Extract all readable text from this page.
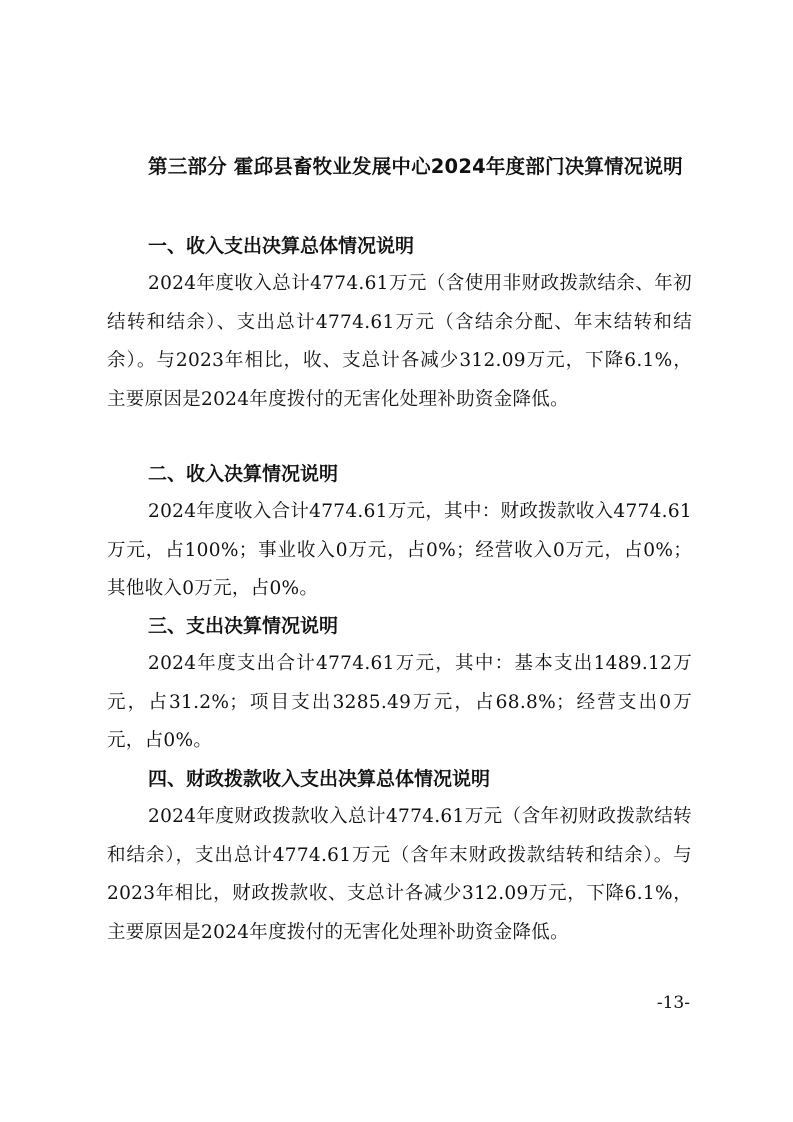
第三部分 霍邱县畜牧业发展中心2024年度部门决算情况说明
一、收入支出决算总体情况说明

2024年度收入总计4774.61万元（含使用非财政拨款结余、年初结转和结余）、支出总计4774.61万元（含结余分配、年末结转和结余）。与2023年相比，收、支总计各减少312.09万元，下降6.1%，主要原因是2024年度拨付的无害化处理补助资金降低。

二、收入决算情况说明

2024年度收入合计4774.61万元，其中：财政拨款收入4774.61万元，占100%；事业收入0万元，占0%；经营收入0万元，占0%；其他收入0万元，占0%。

三、支出决算情况说明

2024年度支出合计4774.61万元，其中：基本支出1489.12万元，占31.2%；项目支出3285.49万元，占68.8%；经营支出0万元，占0%。

四、财政拨款收入支出决算总体情况说明

2024年度财政拨款收入总计4774.61万元（含年初财政拨款结转和结余），支出总计4774.61万元（含年末财政拨款结转和结余）。与2023年相比，财政拨款收、支总计各减少312.09万元，下降6.1%，主要原因是2024年度拨付的无害化处理补助资金降低。

-13-
